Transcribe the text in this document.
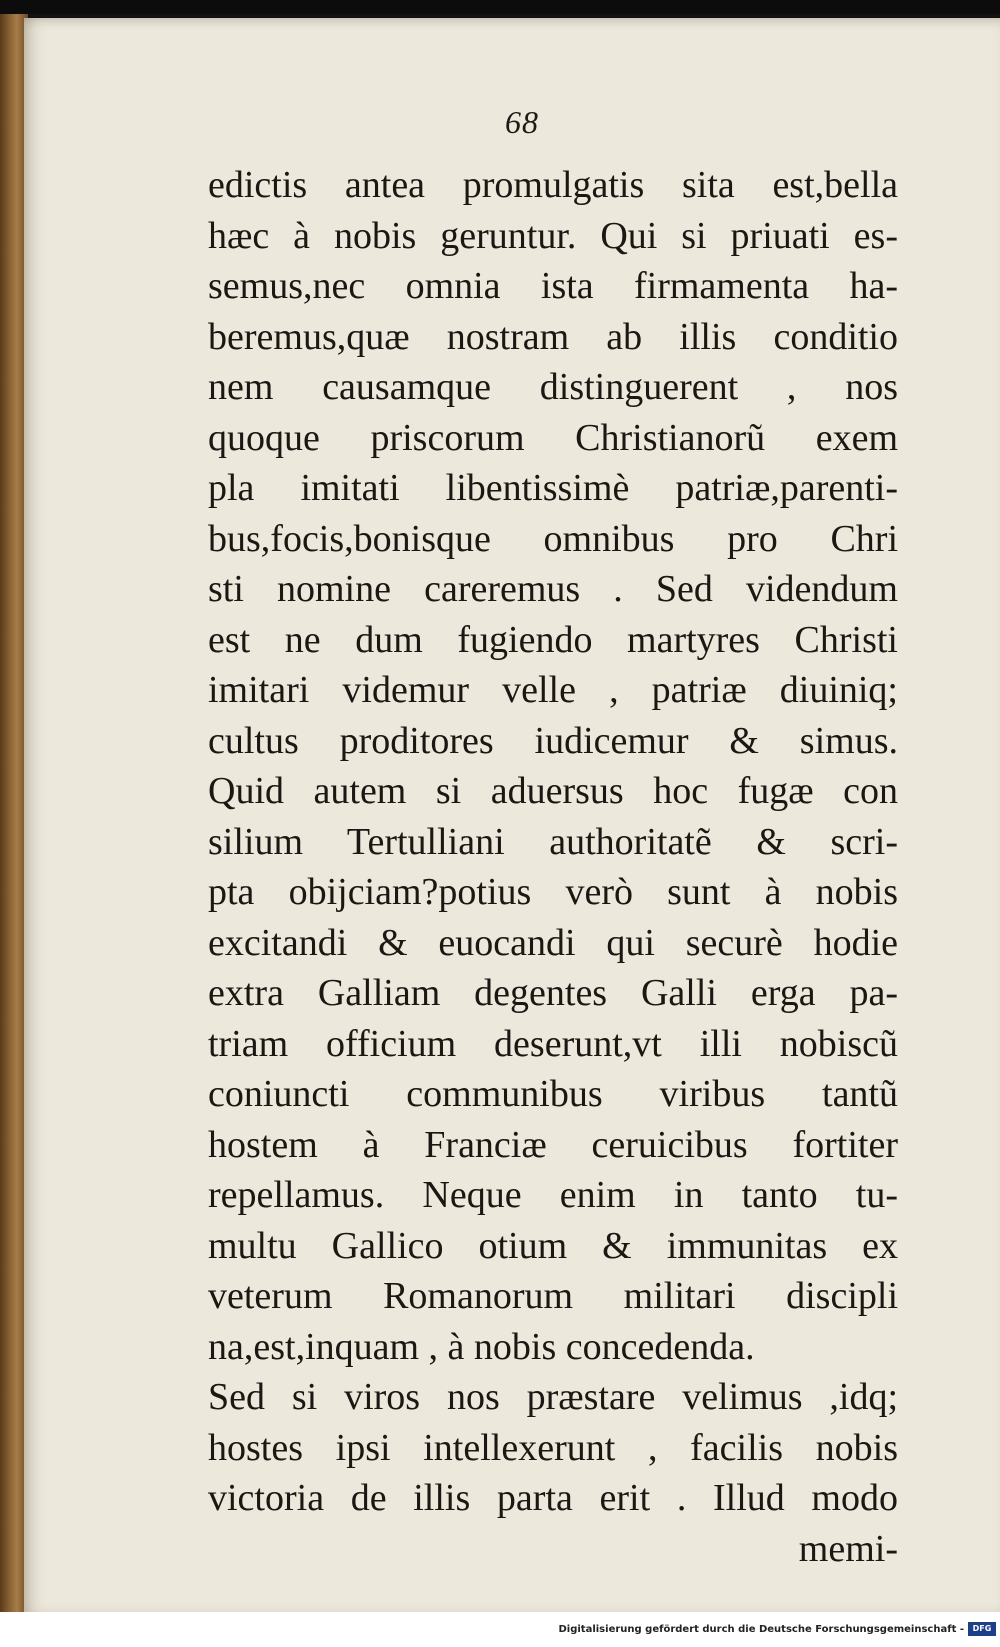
68
edictis antea promulgatis sita est,bella
hæc à nobis geruntur. Qui si priuati es-
semus,nec omnia ista firmamenta ha-
beremus,quæ nostram ab illis conditio
nem causamque distinguerent , nos
quoque priscorum Christianorũ exem
pla imitati libentissimè patriæ,parenti-
bus,focis,bonisque omnibus pro Chri
sti nomine careremus . Sed videndum
est ne dum fugiendo martyres Christi
imitari videmur velle , patriæ diuiniq;
cultus proditores iudicemur & simus.
Quid autem si aduersus hoc fugæ con
silium Tertulliani authoritatẽ & scri-
pta obijciam?potius verò sunt à nobis
excitandi & euocandi qui securè hodie
extra Galliam degentes Galli erga pa-
triam officium deserunt,vt illi nobiscũ
coniuncti communibus viribus tantũ
hostem à Franciæ ceruicibus fortiter
repellamus. Neque enim in tanto tu-
multu Gallico otium & immunitas ex
veterum Romanorum militari discipli
na,est,inquam , à nobis concedenda.
Sed si viros nos præstare velimus ,idq;
hostes ipsi intellexerunt , facilis nobis
victoria de illis parta erit . Illud modo
memi-
Digitalisierung gefördert durch die Deutsche Forschungsgemeinschaft -	DFG
